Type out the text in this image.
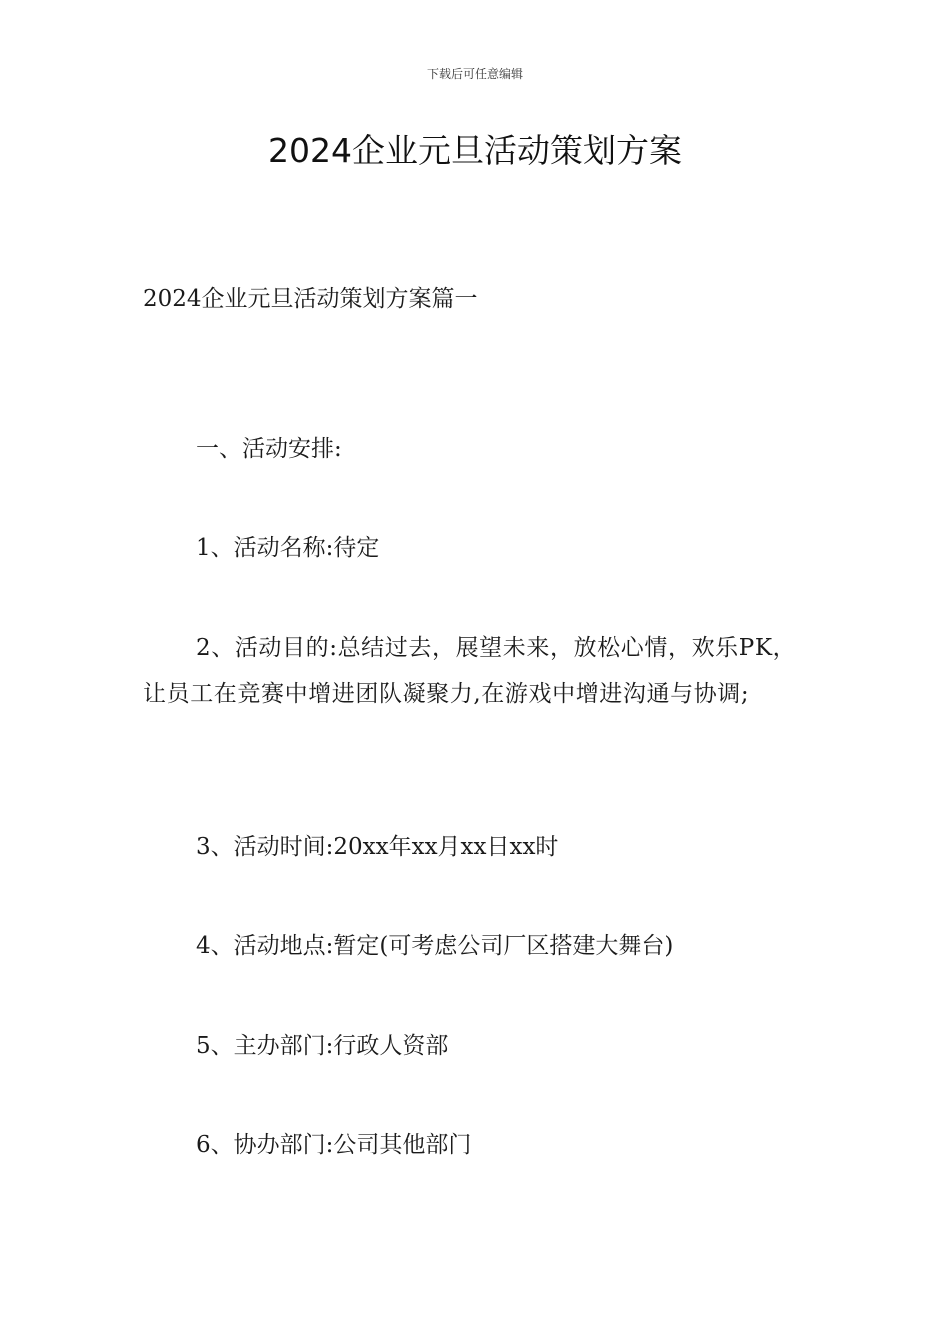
下载后可任意编辑
2024企业元旦活动策划方案
2024企业元旦活动策划方案篇一

一、活动安排:

1、活动名称:待定

2、活动目的:总结过去，展望未来，放松心情，欢乐PK，让员工在竞赛中增进团队凝聚力,在游戏中增进沟通与协调;

3、活动时间:20xx年xx月xx日xx时

4、活动地点:暂定(可考虑公司厂区搭建大舞台)

5、主办部门:行政人资部

6、协办部门:公司其他部门
